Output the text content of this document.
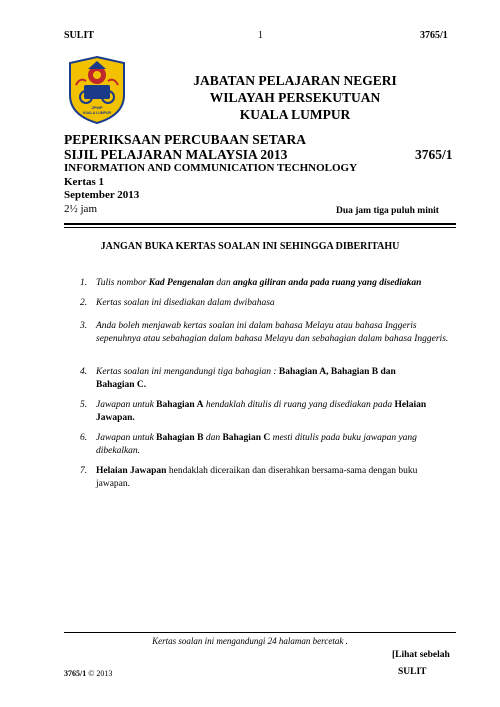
SULIT	1	3765/1
JPWP
KUALA LUMPUR
JABATAN PELAJARAN NEGERI
WILAYAH PERSEKUTUAN
KUALA LUMPUR
PEPERIKSAAN PERCUBAAN SETARA
SIJIL PELAJARAN MALAYSIA 2013	3765/1
INFORMATION AND COMMUNICATION TECHNOLOGY
Kertas 1
September 2013
2½ jam	Dua jam tiga puluh minit
JANGAN BUKA KERTAS SOALAN INI SEHINGGA DIBERITAHU
1. Tulis nombor Kad Pengenalan dan angka giliran anda pada ruang yang disediakan
2. Kertas soalan ini disediakan dalam dwibahasa
3. Anda boleh menjawab kertas soalan ini dalam bahasa Melayu atau bahasa Inggeris sepenuhnya atau sebahagian dalam bahasa Melayu dan sebahagian dalam bahasa Inggeris.
4. Kertas soalan ini mengandungi tiga bahagian : Bahagian A, Bahagian B dan Bahagian C.
5. Jawapan untuk Bahagian A hendaklah ditulis di ruang yang disediakan pada Helaian Jawapan.
6. Jawapan untuk Bahagian B dan Bahagian C mesti ditulis pada buku jawapan yang dibekalkan.
7. Helaian Jawapan hendaklah diceraikan dan diserahkan bersama-sama dengan buku jawapan.
Kertas soalan ini mengandungi 24 halaman bercetak .
[Lihat sebelah
3765/1 © 2013	SULIT
